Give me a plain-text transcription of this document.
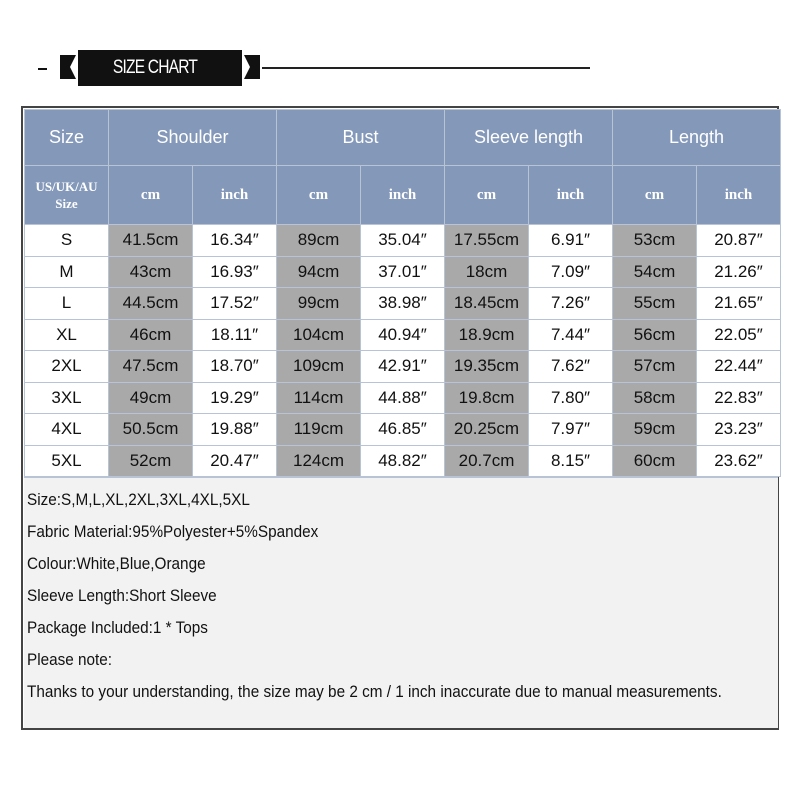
SIZE CHART
Size	Shoulder		Bust		Sleeve length		Length	

US/UK/AU
Size	cm	inch	cm	inch	cm	inch	cm	inch
S	41.5cm	16.34″	89cm	35.04″	17.55cm	6.91″	53cm	20.87″
M	43cm	16.93″	94cm	37.01″	18cm	7.09″	54cm	21.26″
L	44.5cm	17.52″	99cm	38.98″	18.45cm	7.26″	55cm	21.65″
XL	46cm	18.11″	104cm	40.94″	18.9cm	7.44″	56cm	22.05″
2XL	47.5cm	18.70″	109cm	42.91″	19.35cm	7.62″	57cm	22.44″
3XL	49cm	19.29″	114cm	44.88″	19.8cm	7.80″	58cm	22.83″
4XL	50.5cm	19.88″	119cm	46.85″	20.25cm	7.97″	59cm	23.23″
5XL	52cm	20.47″	124cm	48.82″	20.7cm	8.15″	60cm	23.62″
Size:S,M,L,XL,2XL,3XL,4XL,5XL
Fabric Material:95%Polyester+5%Spandex
Colour:White,Blue,Orange
Sleeve Length:Short Sleeve
Package Included:1 * Tops
Please note:
Thanks to your understanding, the size may be 2 cm / 1 inch inaccurate due to manual measurements.
